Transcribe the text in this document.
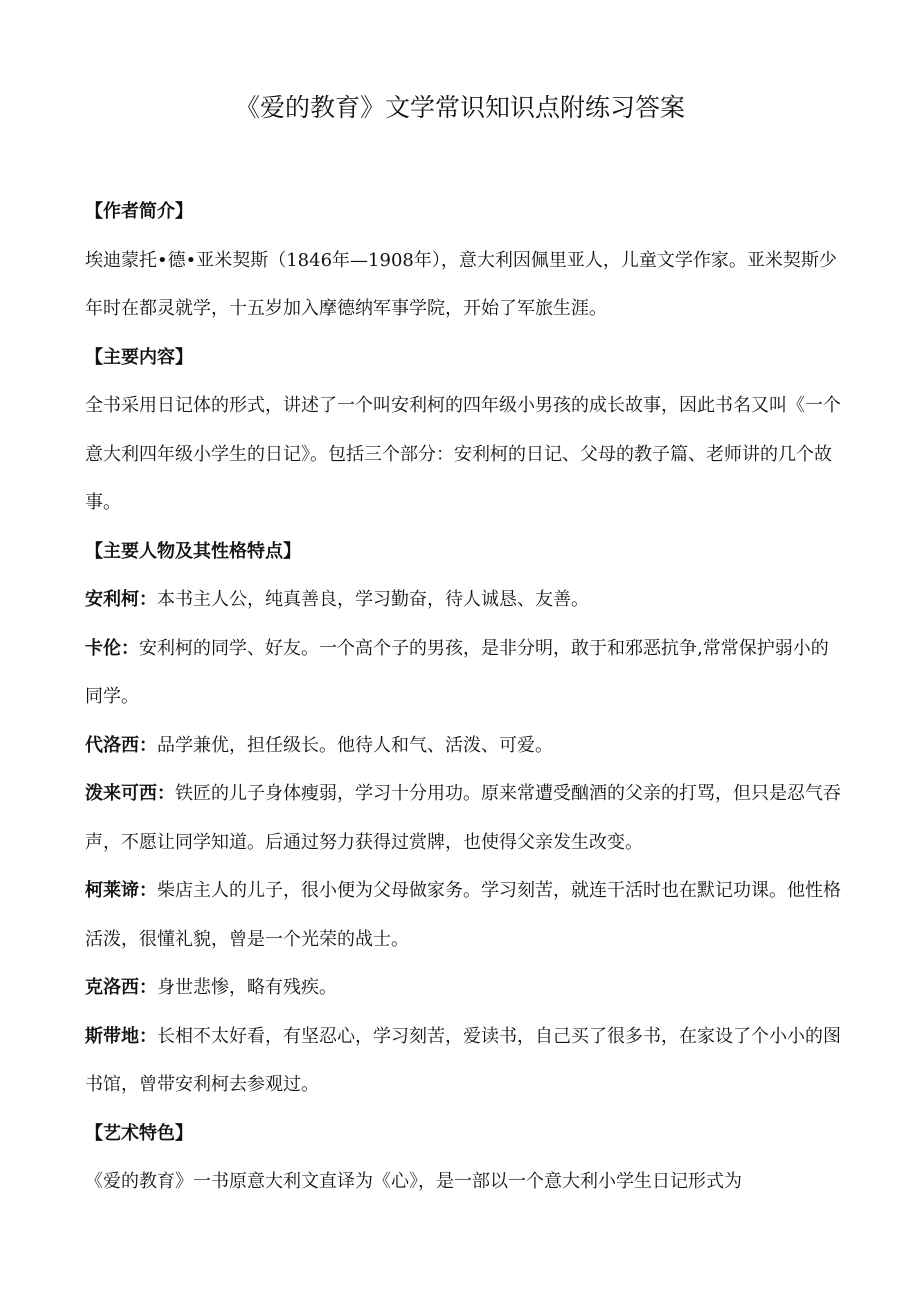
《爱的教育》文学常识知识点附练习答案

【作者简介】

埃迪蒙托•德•亚米契斯（1846年—1908年），意大利因佩里亚人，儿童文学作家。亚米契斯少年时在都灵就学，十五岁加入摩德纳军事学院，开始了军旅生涯。

【主要内容】

全书采用日记体的形式，讲述了一个叫安利柯的四年级小男孩的成长故事，因此书名又叫《一个意大利四年级小学生的日记》。包括三个部分：安利柯的日记、父母的教子篇、老师讲的几个故事。

【主要人物及其性格特点】

安利柯：本书主人公，纯真善良，学习勤奋，待人诚恳、友善。

卡伦：安利柯的同学、好友。一个高个子的男孩，是非分明，敢于和邪恶抗争,常常保护弱小的同学。

代洛西：品学兼优，担任级长。他待人和气、活泼、可爱。

泼来可西：铁匠的儿子身体瘦弱，学习十分用功。原来常遭受酗酒的父亲的打骂，但只是忍气吞声，不愿让同学知道。后通过努力获得过赏牌，也使得父亲发生改变。

柯莱谛：柴店主人的儿子，很小便为父母做家务。学习刻苦，就连干活时也在默记功课。他性格活泼，很懂礼貌，曾是一个光荣的战士。

克洛西：身世悲惨，略有残疾。

斯带地：长相不太好看，有坚忍心，学习刻苦，爱读书，自己买了很多书，在家设了个小小的图书馆，曾带安利柯去参观过。

【艺术特色】

《爱的教育》一书原意大利文直译为《心》，是一部以一个意大利小学生日记形式为
